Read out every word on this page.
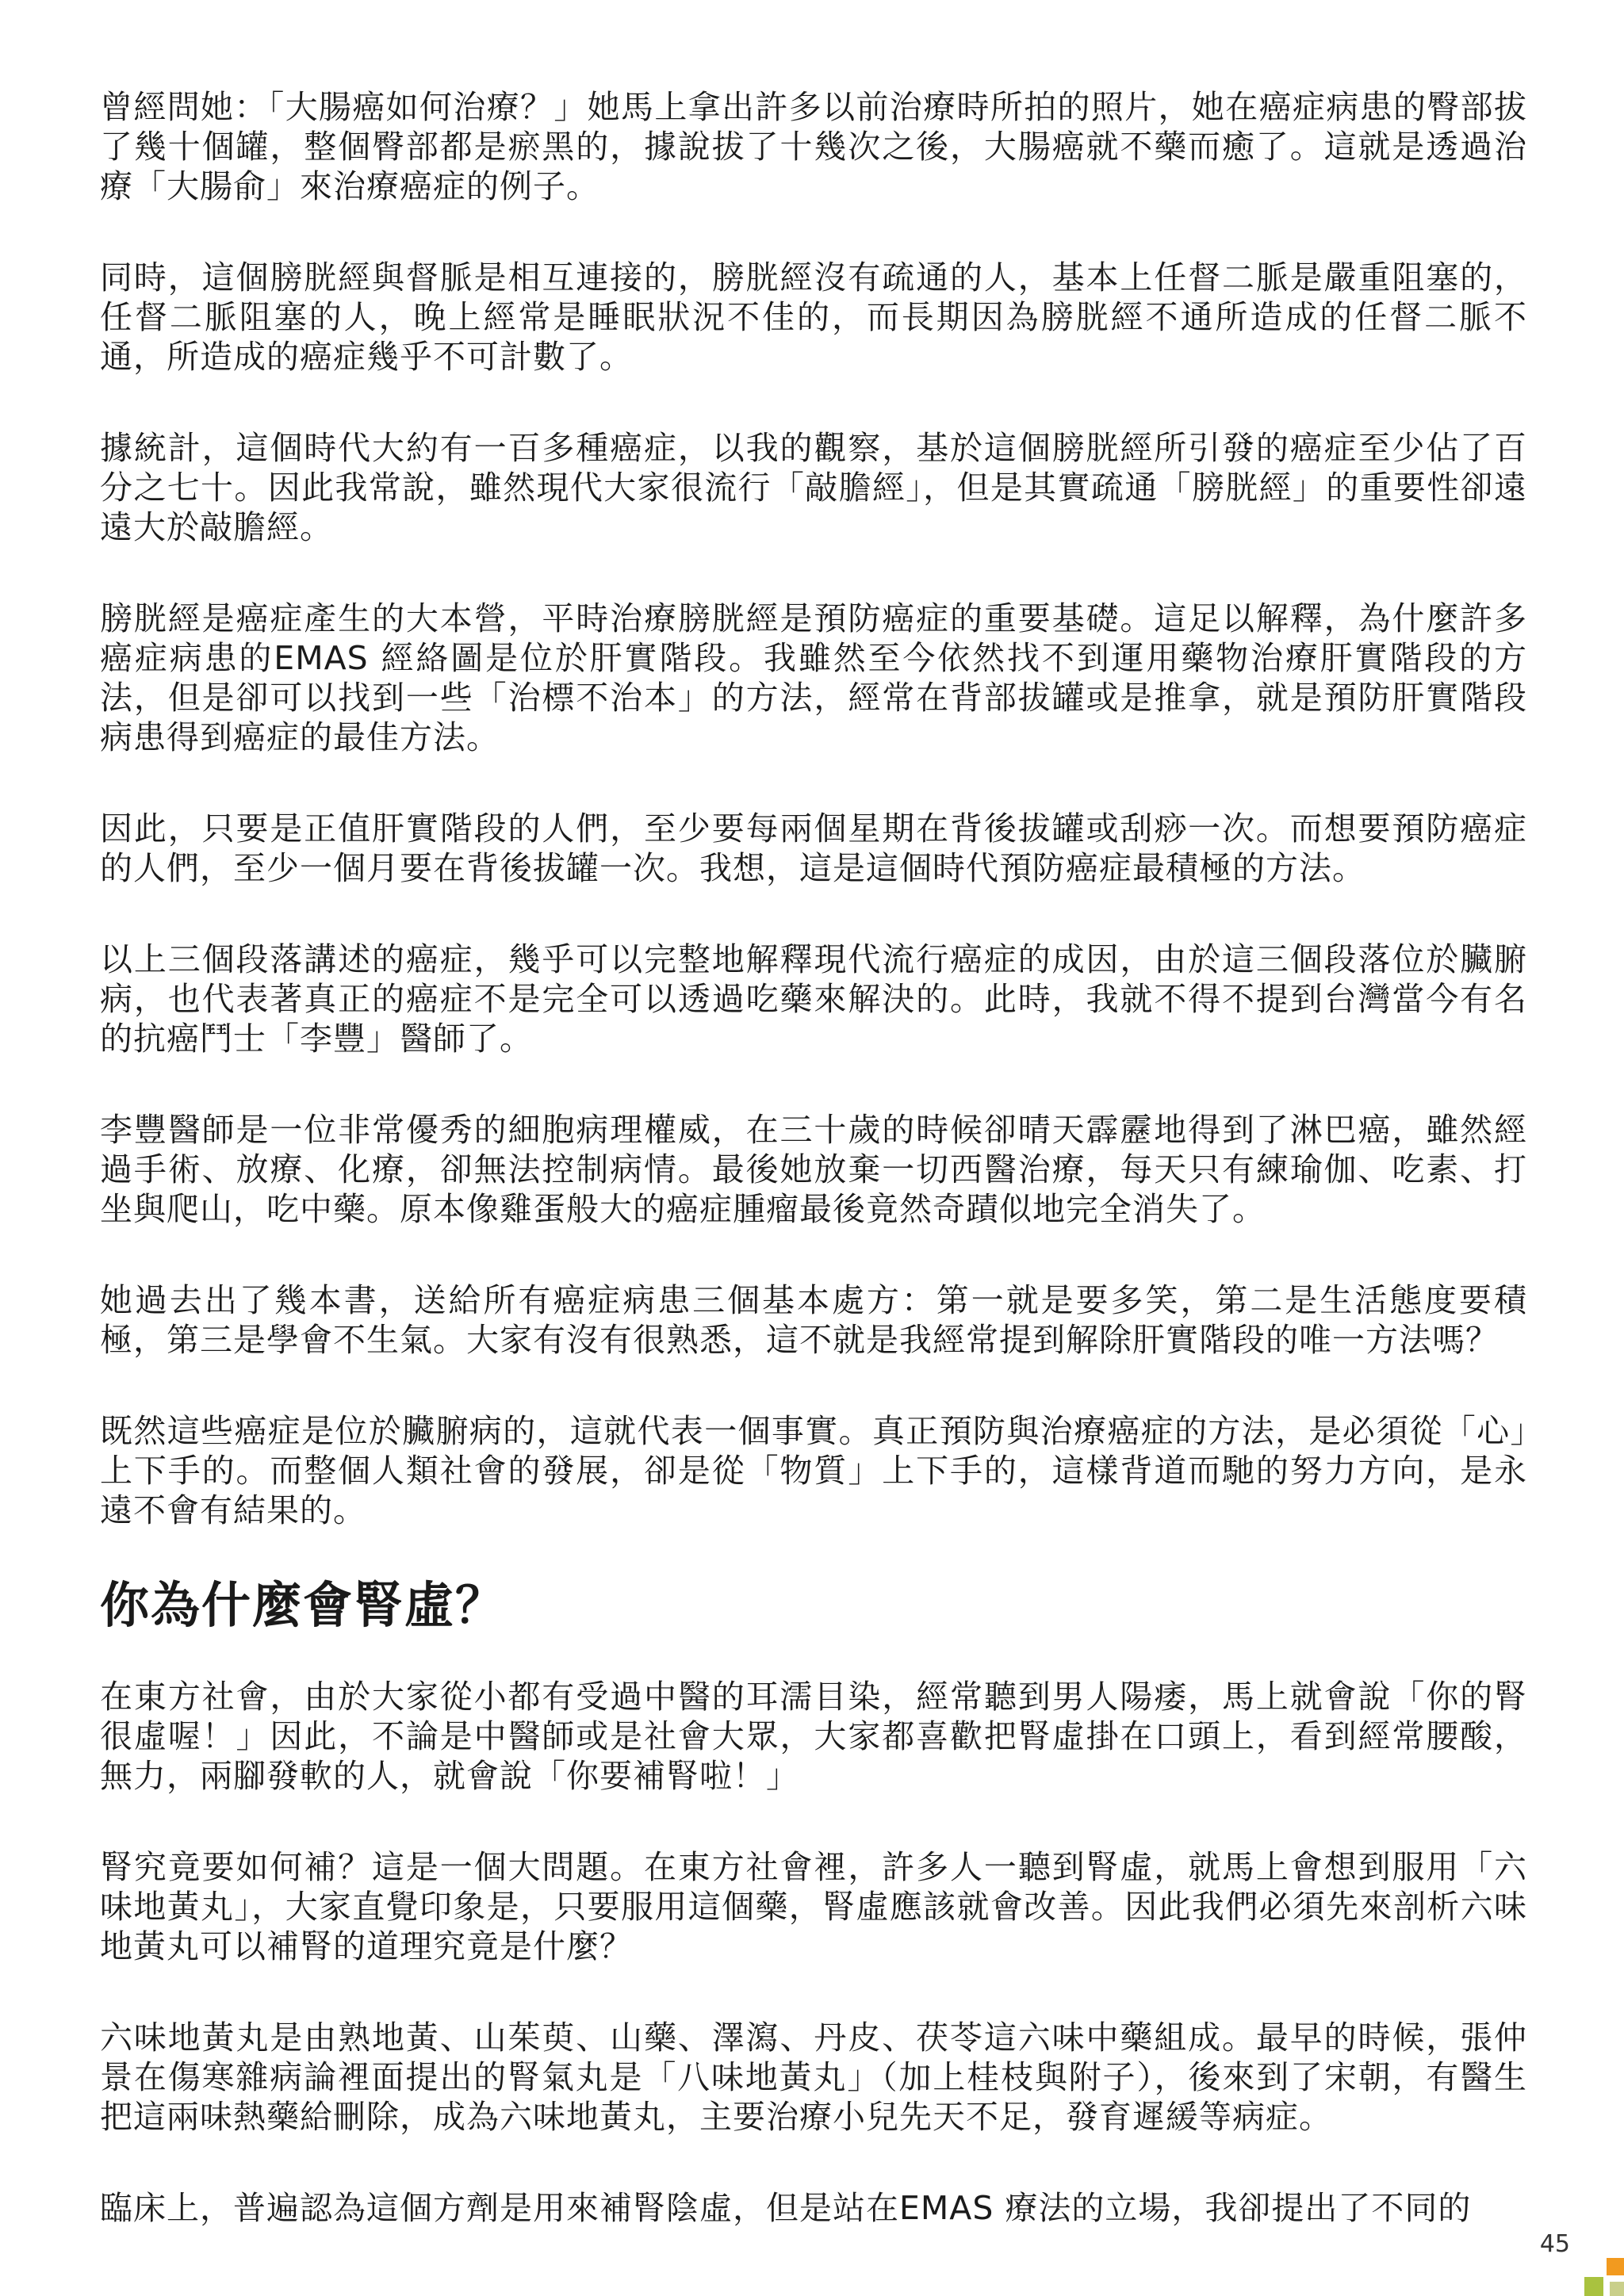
曾經問她：「大腸癌如何治療？」她馬上拿出許多以前治療時所拍的照片，她在癌症病患的臀部拔了幾十個罐，整個臀部都是瘀黑的，據說拔了十幾次之後，大腸癌就不藥而癒了。這就是透過治療「大腸俞」來治療癌症的例子。

同時，這個膀胱經與督脈是相互連接的，膀胱經沒有疏通的人，基本上任督二脈是嚴重阻塞的，任督二脈阻塞的人，晚上經常是睡眠狀況不佳的，而長期因為膀胱經不通所造成的任督二脈不通，所造成的癌症幾乎不可計數了。

據統計，這個時代大約有一百多種癌症，以我的觀察，基於這個膀胱經所引發的癌症至少佔了百分之七十。因此我常說，雖然現代大家很流行「敲膽經」，但是其實疏通「膀胱經」的重要性卻遠遠大於敲膽經。

膀胱經是癌症產生的大本營，平時治療膀胱經是預防癌症的重要基礎。這足以解釋，為什麼許多癌症病患的EMAS 經絡圖是位於肝實階段。我雖然至今依然找不到運用藥物治療肝實階段的方法，但是卻可以找到一些「治標不治本」的方法，經常在背部拔罐或是推拿，就是預防肝實階段病患得到癌症的最佳方法。

因此，只要是正值肝實階段的人們，至少要每兩個星期在背後拔罐或刮痧一次。而想要預防癌症的人們，至少一個月要在背後拔罐一次。我想，這是這個時代預防癌症最積極的方法。

以上三個段落講述的癌症，幾乎可以完整地解釋現代流行癌症的成因，由於這三個段落位於臟腑病，也代表著真正的癌症不是完全可以透過吃藥來解決的。此時，我就不得不提到台灣當今有名的抗癌鬥士「李豐」醫師了。

李豐醫師是一位非常優秀的細胞病理權威，在三十歲的時候卻晴天霹靂地得到了淋巴癌，雖然經過手術、放療、化療，卻無法控制病情。最後她放棄一切西醫治療，每天只有練瑜伽、吃素、打坐與爬山，吃中藥。原本像雞蛋般大的癌症腫瘤最後竟然奇蹟似地完全消失了。

她過去出了幾本書，送給所有癌症病患三個基本處方：第一就是要多笑，第二是生活態度要積極，第三是學會不生氣。大家有沒有很熟悉，這不就是我經常提到解除肝實階段的唯一方法嗎？

既然這些癌症是位於臟腑病的，這就代表一個事實。真正預防與治療癌症的方法，是必須從「心」上下手的。而整個人類社會的發展，卻是從「物質」上下手的，這樣背道而馳的努力方向，是永遠不會有結果的。

你為什麼會腎虛？

在東方社會，由於大家從小都有受過中醫的耳濡目染，經常聽到男人陽痿，馬上就會說「你的腎很虛喔！」因此，不論是中醫師或是社會大眾，大家都喜歡把腎虛掛在口頭上，看到經常腰酸，無力，兩腳發軟的人，就會說「你要補腎啦！」

腎究竟要如何補？這是一個大問題。在東方社會裡，許多人一聽到腎虛，就馬上會想到服用「六味地黃丸」，大家直覺印象是，只要服用這個藥，腎虛應該就會改善。因此我們必須先來剖析六味地黃丸可以補腎的道理究竟是什麼？

六味地黃丸是由熟地黃、山茱萸、山藥、澤瀉、丹皮、茯苓這六味中藥組成。最早的時候，張仲景在傷寒雜病論裡面提出的腎氣丸是「八味地黃丸」（加上桂枝與附子），後來到了宋朝，有醫生把這兩味熱藥給刪除，成為六味地黃丸，主要治療小兒先天不足，發育遲緩等病症。

臨床上，普遍認為這個方劑是用來補腎陰虛，但是站在EMAS 療法的立場，我卻提出了不同的

45
